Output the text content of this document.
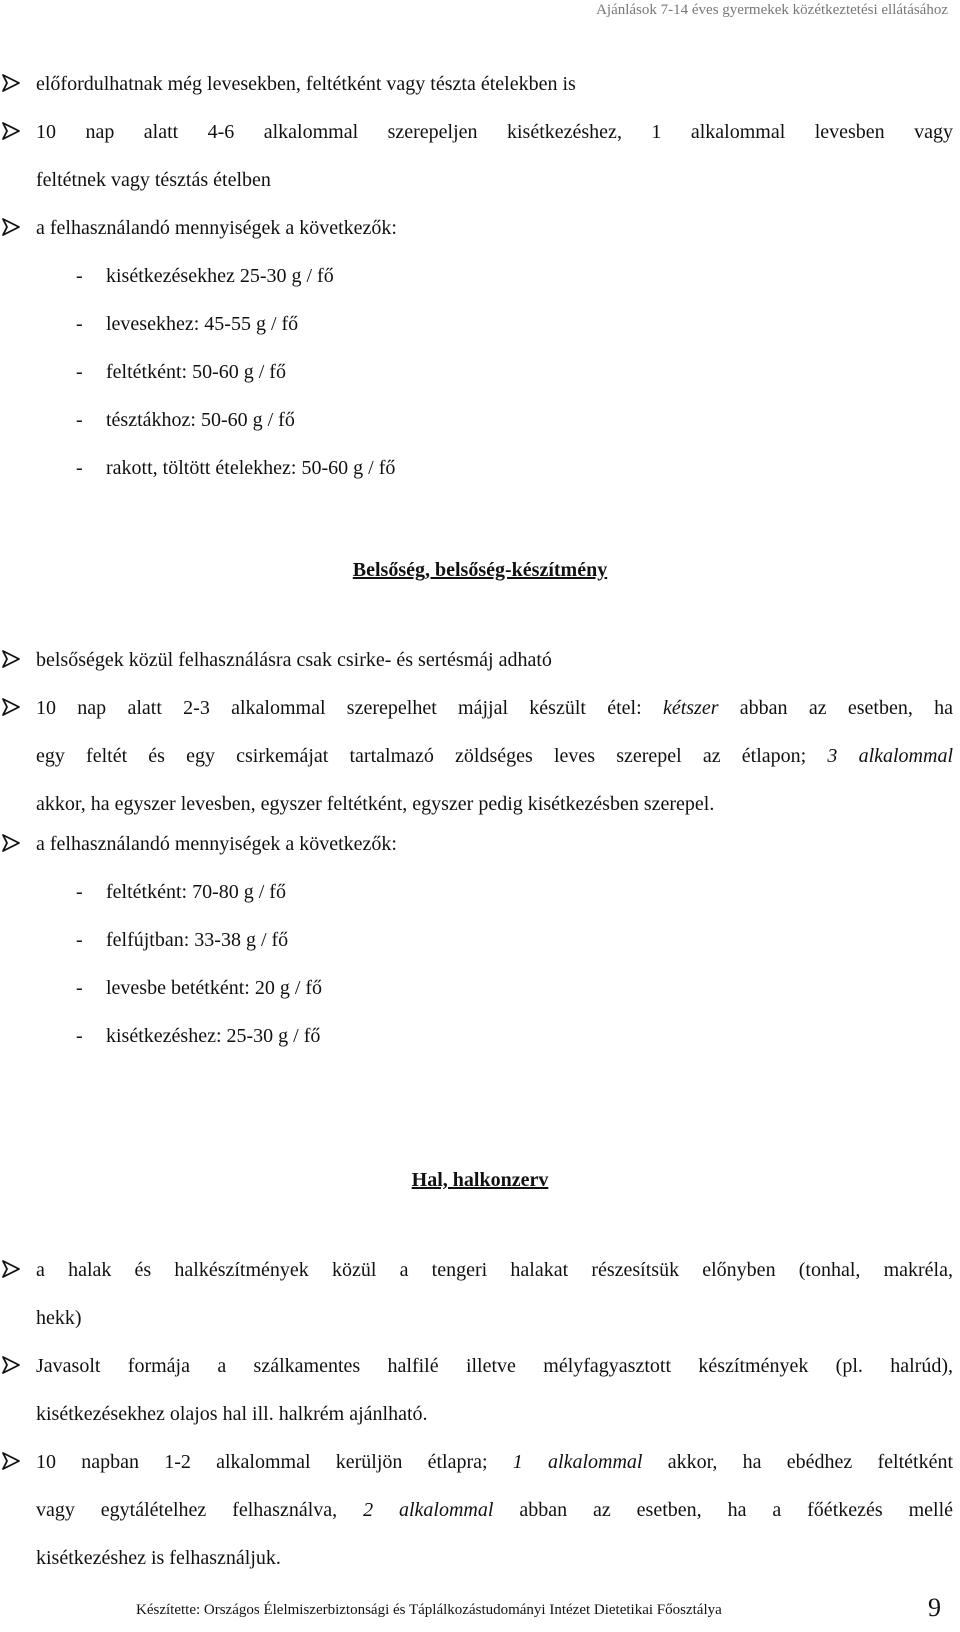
Ajánlások 7-14 éves gyermekek közétkeztetési ellátásához
előfordulhatnak még levesekben, feltétként vagy tészta ételekben is
10 nap alatt 4-6 alkalommal szerepeljen kisétkezéshez, 1 alkalommal levesben vagy
feltétnek vagy tésztás ételben
a felhasználandó mennyiségek a következők:
- kisétkezésekhez 25-30 g / fő
- levesekhez: 45-55 g / fő
- feltétként: 50-60 g / fő
- tésztákhoz: 50-60 g / fő
- rakott, töltött ételekhez: 50-60 g / fő
Belsőség, belsőség-készítmény
belsőségek közül felhasználásra csak csirke- és sertésmáj adható
10 nap alatt 2-3 alkalommal szerepelhet májjal készült étel: kétszer abban az esetben, ha
egy feltét és egy csirkemájat tartalmazó zöldséges leves szerepel az étlapon; 3 alkalommal
akkor, ha egyszer levesben, egyszer feltétként, egyszer pedig kisétkezésben szerepel.
a felhasználandó mennyiségek a következők:
- feltétként: 70-80 g / fő
- felfújtban: 33-38 g / fő
- levesbe betétként: 20 g / fő
- kisétkezéshez: 25-30 g / fő
Hal, halkonzerv
a halak és halkészítmények közül a tengeri halakat részesítsük előnyben (tonhal, makréla,
hekk)
Javasolt formája a szálkamentes halfilé illetve mélyfagyasztott készítmények (pl. halrúd),
kisétkezésekhez olajos hal ill. halkrém ajánlható.
10 napban 1-2 alkalommal kerüljön étlapra; 1 alkalommal akkor, ha ebédhez feltétként
vagy egytálételhez felhasználva, 2 alkalommal abban az esetben, ha a főétkezés mellé
kisétkezéshez is felhasználjuk.
Készítette: Országos Élelmiszerbiztonsági és Táplálkozástudományi Intézet Dietetikai Főosztálya	9
